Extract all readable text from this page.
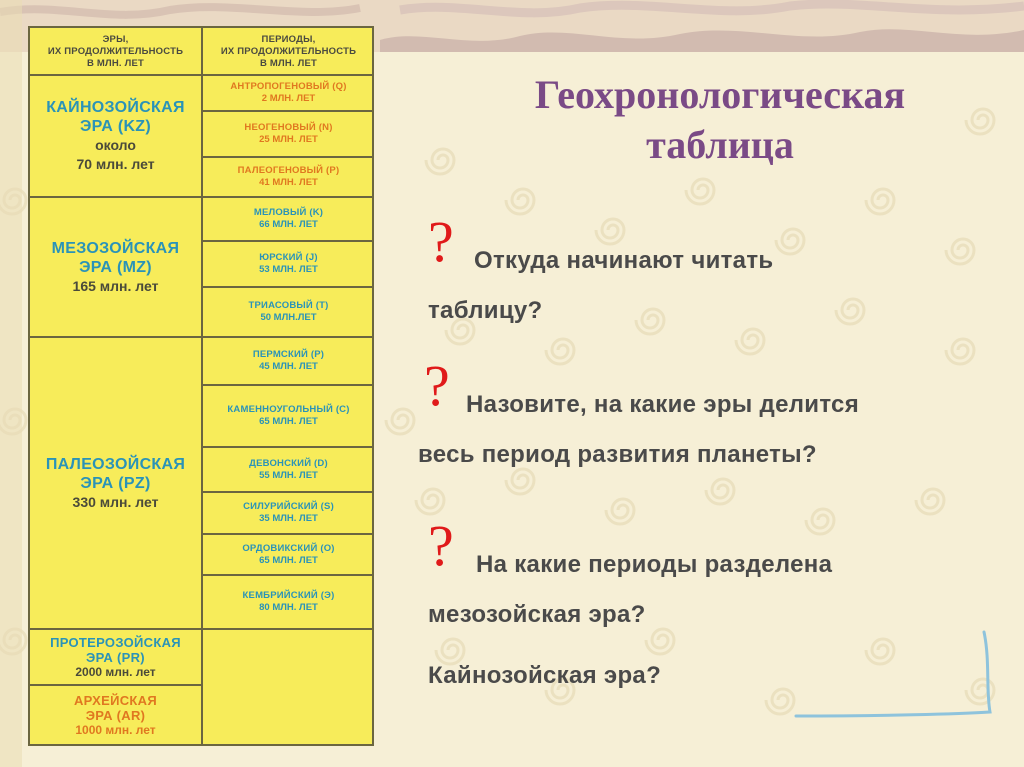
ЭРЫ,
ИХ ПРОДОЛЖИТЕЛЬНОСТЬ
В МЛН. ЛЕТ
ПЕРИОДЫ,
ИХ ПРОДОЛЖИТЕЛЬНОСТЬ
В МЛН. ЛЕТ
КАЙНОЗОЙСКАЯ
ЭРА (KZ)
около
70 млн. лет
МЕЗОЗОЙСКАЯ
ЭРА (MZ)
165 млн. лет
ПАЛЕОЗОЙСКАЯ
ЭРА (PZ)
330 млн. лет
ПРОТЕРОЗОЙСКАЯ
ЭРА (PR)
2000 млн. лет
АРХЕЙСКАЯ
ЭРА (AR)
1000 млн. лет
АНТРОПОГЕНОВЫЙ (Q)
2 МЛН. ЛЕТ
НЕОГЕНОВЫЙ (N)
25 МЛН. ЛЕТ
ПАЛЕОГЕНОВЫЙ (P)
41 МЛН. ЛЕТ
МЕЛОВЫЙ (K)
66 МЛН. ЛЕТ
ЮРСКИЙ (J)
53 МЛН. ЛЕТ
ТРИАСОВЫЙ (T)
50 МЛН.ЛЕТ
ПЕРМСКИЙ (P)
45 МЛН. ЛЕТ
КАМЕННОУГОЛЬНЫЙ (C)
65 МЛН. ЛЕТ
ДЕВОНСКИЙ (D)
55 МЛН. ЛЕТ
СИЛУРИЙСКИЙ (S)
35 МЛН. ЛЕТ
ОРДОВИКСКИЙ (O)
65 МЛН. ЛЕТ
КЕМБРИЙСКИЙ (Э)
80 МЛН. ЛЕТ
Геохронологическая
таблица
? Откуда начинают читать
таблицу?
? Назовите, на какие эры делится
весь период развития планеты?
? На какие периоды разделена
мезозойская эра?
Кайнозойская эра?
